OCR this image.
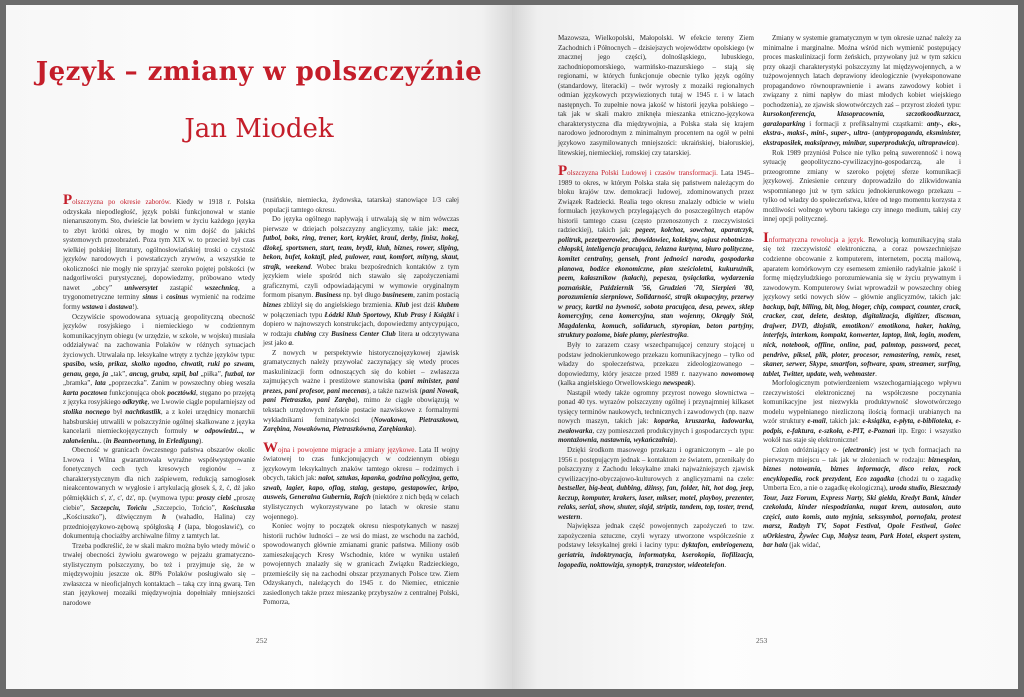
Język – zmiany w polszczyźnie
Jan Miodek

Polszczyzna po okresie zaborów. Kiedy w 1918 r. Polska odzyskała niepodległość, język polski funkcjonował w stanie nienaruszonym. Sto, dwieście lat bowiem w życiu każdego języka to zbyt krótki okres, by mogło w nim dojść do jakichś systemowych przeobrażeń. Poza tym XIX w. to przecież był czas wielkiej polskiej literatury, ogólnosłowiańskiej troski o czystość języków narodowych i powstańczych zrywów, a wszystkie te okoliczności nie mogły nie sprzyjać szeroko pojętej polskości (w nadgorliwości purystycznej, dopowiedzmy, próbowano wtedy nawet „obcy” uniwersytet zastąpić wszechnicą, a trygonometryczne terminy sinus i cosinus wymienić na rodzime formy wstawa i dostawa!).

Oczywiście spowodowana sytuacją geopolityczną obecność języków rosyjskiego i niemieckiego w codziennym komunikacyjnym obiegu (w urzędzie, w szkole, w wojsku) musiała oddziaływać na zachowania Polaków w różnych sytuacjach życiowych. Utrwalała np. leksykalne wtręty z tychże języków typu: spasibo, wsio, prikaz, skolko ugodno, chwatit, ruki po szwam, genau, gego, ja „tak”, ancug, gruba, szpil, bal „piłka”, fuzbal, tor „bramka”, lata „poprzeczka”. Zanim w powszechny obieg weszła karta pocztowa funkcjonująca obok pocztówki, stęgano po przejętą z języka rosyjskiego odkrytkę, we Lwowie ciągle popularniejszy od stolika nocnego był nachtkastlik, a z kolei urzędnicy monarchii habsburskiej utrwalili w polszczyźnie ogólnej skalkowane z języka kancelarii niemieckojęzycznych formuły w odpowiedzi..., w załatwieniu... (in Beantwortung, in Erledigung).

Obecność w granicach ówczesnego państwa obszarów okolic Lwowa i Wilna gwarantowała wyraźne współwystępowanie fonetycznych cech tych kresowych regionów – z charakterystycznym dla nich zaśpiewem, redukcją samogłosek nieakcentowanych w wygłosie i artykulacją głosek ś, ź, ć, dź jako półmiękkich s', z', c', dz', np. (wymowa typu: proszy ciebi „proszę ciebie”, Szczepciu, Tońciu „Szczepcio, Tońcio”, Kościuszka „Kościuszko”), dźwięcznym h (wahadło, Halina) czy przedniojęzykowo-zębową spółgłoską ł (łapa, błogosławić), co dokumentują chociażby archiwalne filmy z tamtych lat.

Trzeba podkreślić, że w skali makro można było wtedy mówić o trwałej obecności żywiołu gwarowego w pejzażu gramatyczno-stylistycznym polszczyzny, bo też i przyjmuje się, że w międzywojniu jeszcze ok. 80% Polaków posługiwało się – zwłaszcza w nieoficjalnych kontaktach – taką czy inną gwarą. Ten stan językowej mozaiki międzywojnia dopełniały mniejszości narodowe

(rusińskie, niemiecka, żydowska, tatarska) stanowiące 1/3 całej populacji tamtego okresu.

Do języka ogólnego napływają i utrwalają się w nim wówczas pierwsze w dziejach polszczyzny anglicyzmy, takie jak: mecz, futbol, boks, ring, trener, kort, krykiet, kraul, derby, finisz, hokej, dżokej, sportsmen, start, team, brydż, klub, biznes, rower, sliping, bekon, bufet, koktajl, pled, pulower, raut, komfort, mityng, skaut, strajk, weekend. Wobec braku bezpośrednich kontaktów z tym językiem wiele spośród nich stawało się zapożyczeniami graficznymi, czyli odpowiadającymi w wymowie oryginalnym formom pisanym. Business np. był długo businesem, zanim postacią biznes zbliżył się do angielskiego brzmienia. Klub jest dziś klubem w połączeniach typu Łódzki Klub Sportowy, Klub Prasy i Książki i dopiero w najnowszych konstrukcjach, dopowiedzmy antycypująco, w rodzaju clubing czy Business Center Club litera u odczytywana jest jako a.

Z nowych w perspektywie historycznojęzykowej zjawisk gramatycznych należy przywołać zaczynający się wtedy proces maskulinizacji form odnoszących się do kobiet – zwłaszcza zajmujących ważne i prestiżowe stanowiska (pani minister, pani prezes, pani profesor, pani mecenas), a także nazwisk (pani Nowak, pani Pietraszko, pani Zaręba), mimo że ciągle obowiązują w tekstach urzędowych żeńskie postacie nazwiskowe z formalnymi wykładnikami feminatywności (Nowakowa, Pietraszkowa, Zarębina, Nowakówna, Pietraszkówna, Zarębianka).

Wojna i powojenne migracje a zmiany językowe. Lata II wojny światowej to czas funkcjonujących w codziennym obiegu językowym leksykalnych znaków tamtego okresu – rodzimych i obcych, takich jak: nalot, sztukas, łapanka, godzina policyjna, getto, szwab, lagier, kapo, oflag, stalag, gestapo, gestapowiec, kripo, ausweis, Generalna Gubernia, Rajch (niektóre z nich będą w celach stylistycznych wykorzystywane po latach w okresie stanu wojennego).

Koniec wojny to początek okresu niespotykanych w naszej historii ruchów ludności – ze wsi do miast, ze wschodu na zachód, spowodowanych głównie zmianami granic państwa. Miliony osób zamieszkujących Kresy Wschodnie, które w wyniku ustaleń powojennych znalazły się w granicach Związku Radzieckiego, przemieściły się na zachodni obszar przyznanych Polsce tzw. Ziem Odzyskanych, należących do 1945 r. do Niemiec, etnicznie zasiedlonych także przez mieszankę przybyszów z centralnej Polski, Pomorza,

252

Mazowsza, Wielkopolski, Małopolski. W efekcie tereny Ziem Zachodnich i Północnych – dzisiejszych województw opolskiego (w znacznej jego części), dolnośląskiego, lubuskiego, zachodniopomorskiego, warmińsko-mazurskiego – stają się regionami, w których funkcjonuje obecnie tylko język ogólny (standardowy, literacki) – twór wyrosły z mozaiki regionalnych odmian językowych przywiezionych tutaj w 1945 r. i w latach następnych. To zupełnie nowa jakość w historii języka polskiego – tak jak w skali makro zniknęła mieszanka etniczno-językowa charakterystyczna dla międzywojnia, a Polska stała się krajem narodowo jednorodnym z minimalnym procentem na ogół w pełni językowo zasymilowanych mniejszości: ukraińskiej, białoruskiej, litewskiej, niemieckiej, romskiej czy tatarskiej.

Polszczyzna Polski Ludowej i czasów transformacji. Lata 1945–1989 to okres, w którym Polska stała się państwem należącym do bloku krajów tzw. demokracji ludowej, zdominowanych przez Związek Radziecki. Realia tego okresu znalazły odbicie w wielu formułach językowych przylegających do poszczególnych etapów historii tamtego czasu (często przenoszonych z rzeczywistości radzieckiej), takich jak: pegeer, kołchoz, sowchoz, aparatczyk, politruk, pezetpeerowiec, zbowidowiec, kolektyw, sojusz robotniczo-chłopski, inteligencja pracująca, żelazna kurtyna, biuro polityczne, komitet centralny, genseh, front jedności narodu, gospodarka planowa, bodźce ekonomiczne, plan sześcioletni, kukuruźnik, peem, kałasznikow (kałach), pepesza, tysiąclatka, wydarzenia poznańskie, Październik '56, Grudzień '70, Sierpień '80, porozumienia sierpniowe, Solidarność, strajk okupacyjny, przerwy w pracy, kartki na żywność, sobota pracująca, desa, pewex, sklep komercyjny, cena komercyjna, stan wojenny, Okrągły Stół, Magdalenka, komuch, solidaruch, styropian, beton partyjny, struktury poziome, białe plamy, pieriestrojka.

Były to zarazem czasy wszechpanującej cenzury stojącej u podstaw jednokierunkowego przekazu komunikacyjnego – tylko od władzy do społeczeństwa, przekazu zideologizowanego – dopowiedzmy, który jeszcze przed 1989 r. nazywano nowomową (kalka angielskiego Orwellowskiego newspeak).

Nastąpił wtedy także ogromny przyrost nowego słownictwa – ponad 40 tys. wyrazów polszczyzny ogólnej i przynajmniej kilkaset tysięcy terminów naukowych, technicznych i zawodowych (np. nazw nowych maszyn, takich jak: koparka, kruszarka, ładowarka, zwałowarka, czy pomieszczeń produkcyjnych i gospodarczych typu: montażownia, nastawnia, wykańczalnia).

Dzięki środkom masowego przekazu i ograniczonym – ale po 1956 r. postępującym jednak – kontaktom ze światem, przenikały do polszczyzny z Zachodu leksykalne znaki najważniejszych zjawisk cywilizacyjno-obyczajowo-kulturowych z anglicyzmami na czele: bestseller, big-beat, dubbing, dżinsy, fan, folder, hit, hot dog, jeep, keczup, komputer, krakers, laser, mikser, motel, playboy, prezenter, relaks, serial, show, shuter, slajd, striptiz, tandem, top, toster, trend, western.

Największa jednak część powojennych zapożyczeń to tzw. zapożyczenia sztuczne, czyli wyrazy utworzone współcześnie z podstawy leksykalnej greki i łaciny typu: dyktafon, embriogeneza, geriatria, indoktrynacja, informatyka, kserokopia, liofilizacja, logopedia, nokttowizja, synoptyk, tranzystor, wideotelefon.

Zmiany w systemie gramatycznym w tym okresie uznać należy za minimalne i marginalne. Można wśród nich wymienić postępujący proces maskulinizacji form żeńskich, przywołany już w tym szkicu przy okazji charakterystyki polszczyzny lat międzywojennych, a w tużpowojennych latach deprawiony ideologicznie (wyeksponowane propagandowo równouprawnienie i awans zawodowy kobiet i związany z nimi napływ do miast młodych kobiet wiejskiego pochodzenia), ze zjawisk słowotwórczych zaś – przyrost złożeń typu: kursokonferencja, klasopracownia, szczotkoodkurzacz, garażoparking i formacji z prefiksalnymi cząstkami: anty-, eks-, ekstra-, maksi-, mini-, super-, ultra- (antypropaganda, eksminister, ekstraposiłek, maksiprawy, minibar, superprodukcja, ultraprawica).

Rok 1989 przyniósł Polsce nie tylko pełną suwerenność i nową sytuację geopolityczno-cywilizacyjno-gospodarczą, ale i przeogromne zmiany w szeroko pojętej sferze komunikacji językowej. Zniesienie cenzury doprowadziło do zlikwidowania wspomnianego już w tym szkicu jednokierunkowego przekazu – tylko od władzy do społeczeństwa, które od tego momentu korzysta z możliwości wolnego wyboru takiego czy innego medium, takiej czy innej opcji politycznej.

Informatyczna rewolucja a język. Rewolucją komunikacyjną stała się też rzeczywistość elektroniczna, a coraz powszechniejsze codzienne obcowanie z komputerem, internetem, pocztą mailową, aparatem komórkowym czy esemesem zmieniło radykalnie jakość i formę międzyludzkiego porozumiewania się w życiu prywatnym i zawodowym. Komputerowy świat wprowadził w powszechny obieg językowy setki nowych słów – głównie anglicyzmów, takich jak: backup, bajt, billing, bit, blog, bloger, chip, compact, counter, crack, cracker, czat, delete, desktop, digitalizacja, digitizer, discman, drajwer, DVD, dżojstik, emotikon// emotikona, haker, haking, interfejs, interkom, kompakt, konwerter, laptop, link, login, modem, nick, notebook, offline, online, pad, palmtop, password, pecet, pendrive, piksel, plik, ploter, procesor, remastering, remix, reset, skaner, serwer, Skype, smartfon, software, spam, streamer, surfing, tablet, Twitter, update, web, webmaster.

Morfologicznym potwierdzeniem wszechogarniającego wpływu rzeczywistości elektronicznej na współczesne poczynania komunikacyjne jest niezwykła produktywność słowotwórczego modelu wypełnianego niezliczoną ilością formacji urabianych na wzór struktury e-mail, takich jak: e-książka, e-płyta, e-biblioteka, e-podpis, e-faktura, e-szkoła, e-PIT, e-Poznań itp. Ergo: i wszystko wokół nas staje się elektroniczne!

Człon odróżniający e- (electronic) jest w tych formacjach na pierwszym miejscu – tak jak w złożeniach w rodzaju: biznesplan, biznes notowania, biznes informacje, disco relax, rock encyklopedia, rock prezydent, Eco zagadka (chodzi tu o zagadkę Umberta Eco, a nie o zagadkę ekologiczną), uroda studio, Bieszczady Tour, Jazz Forum, Express Narty, Ski giełda, Kredyt Bank, kinder czekolada, kinder niespodzianka, nugat krem, autosalon, auto części, auto komis, auto myjnia, sekssymbol, pornofala, protest marsz, Radzyh TV, Sopot Festival, Opole Festiwal, Golec uOrkiestra, Żywiec Cup, Małysz team, Park Hotel, ekspert system, bar hala (jak widać,

253
